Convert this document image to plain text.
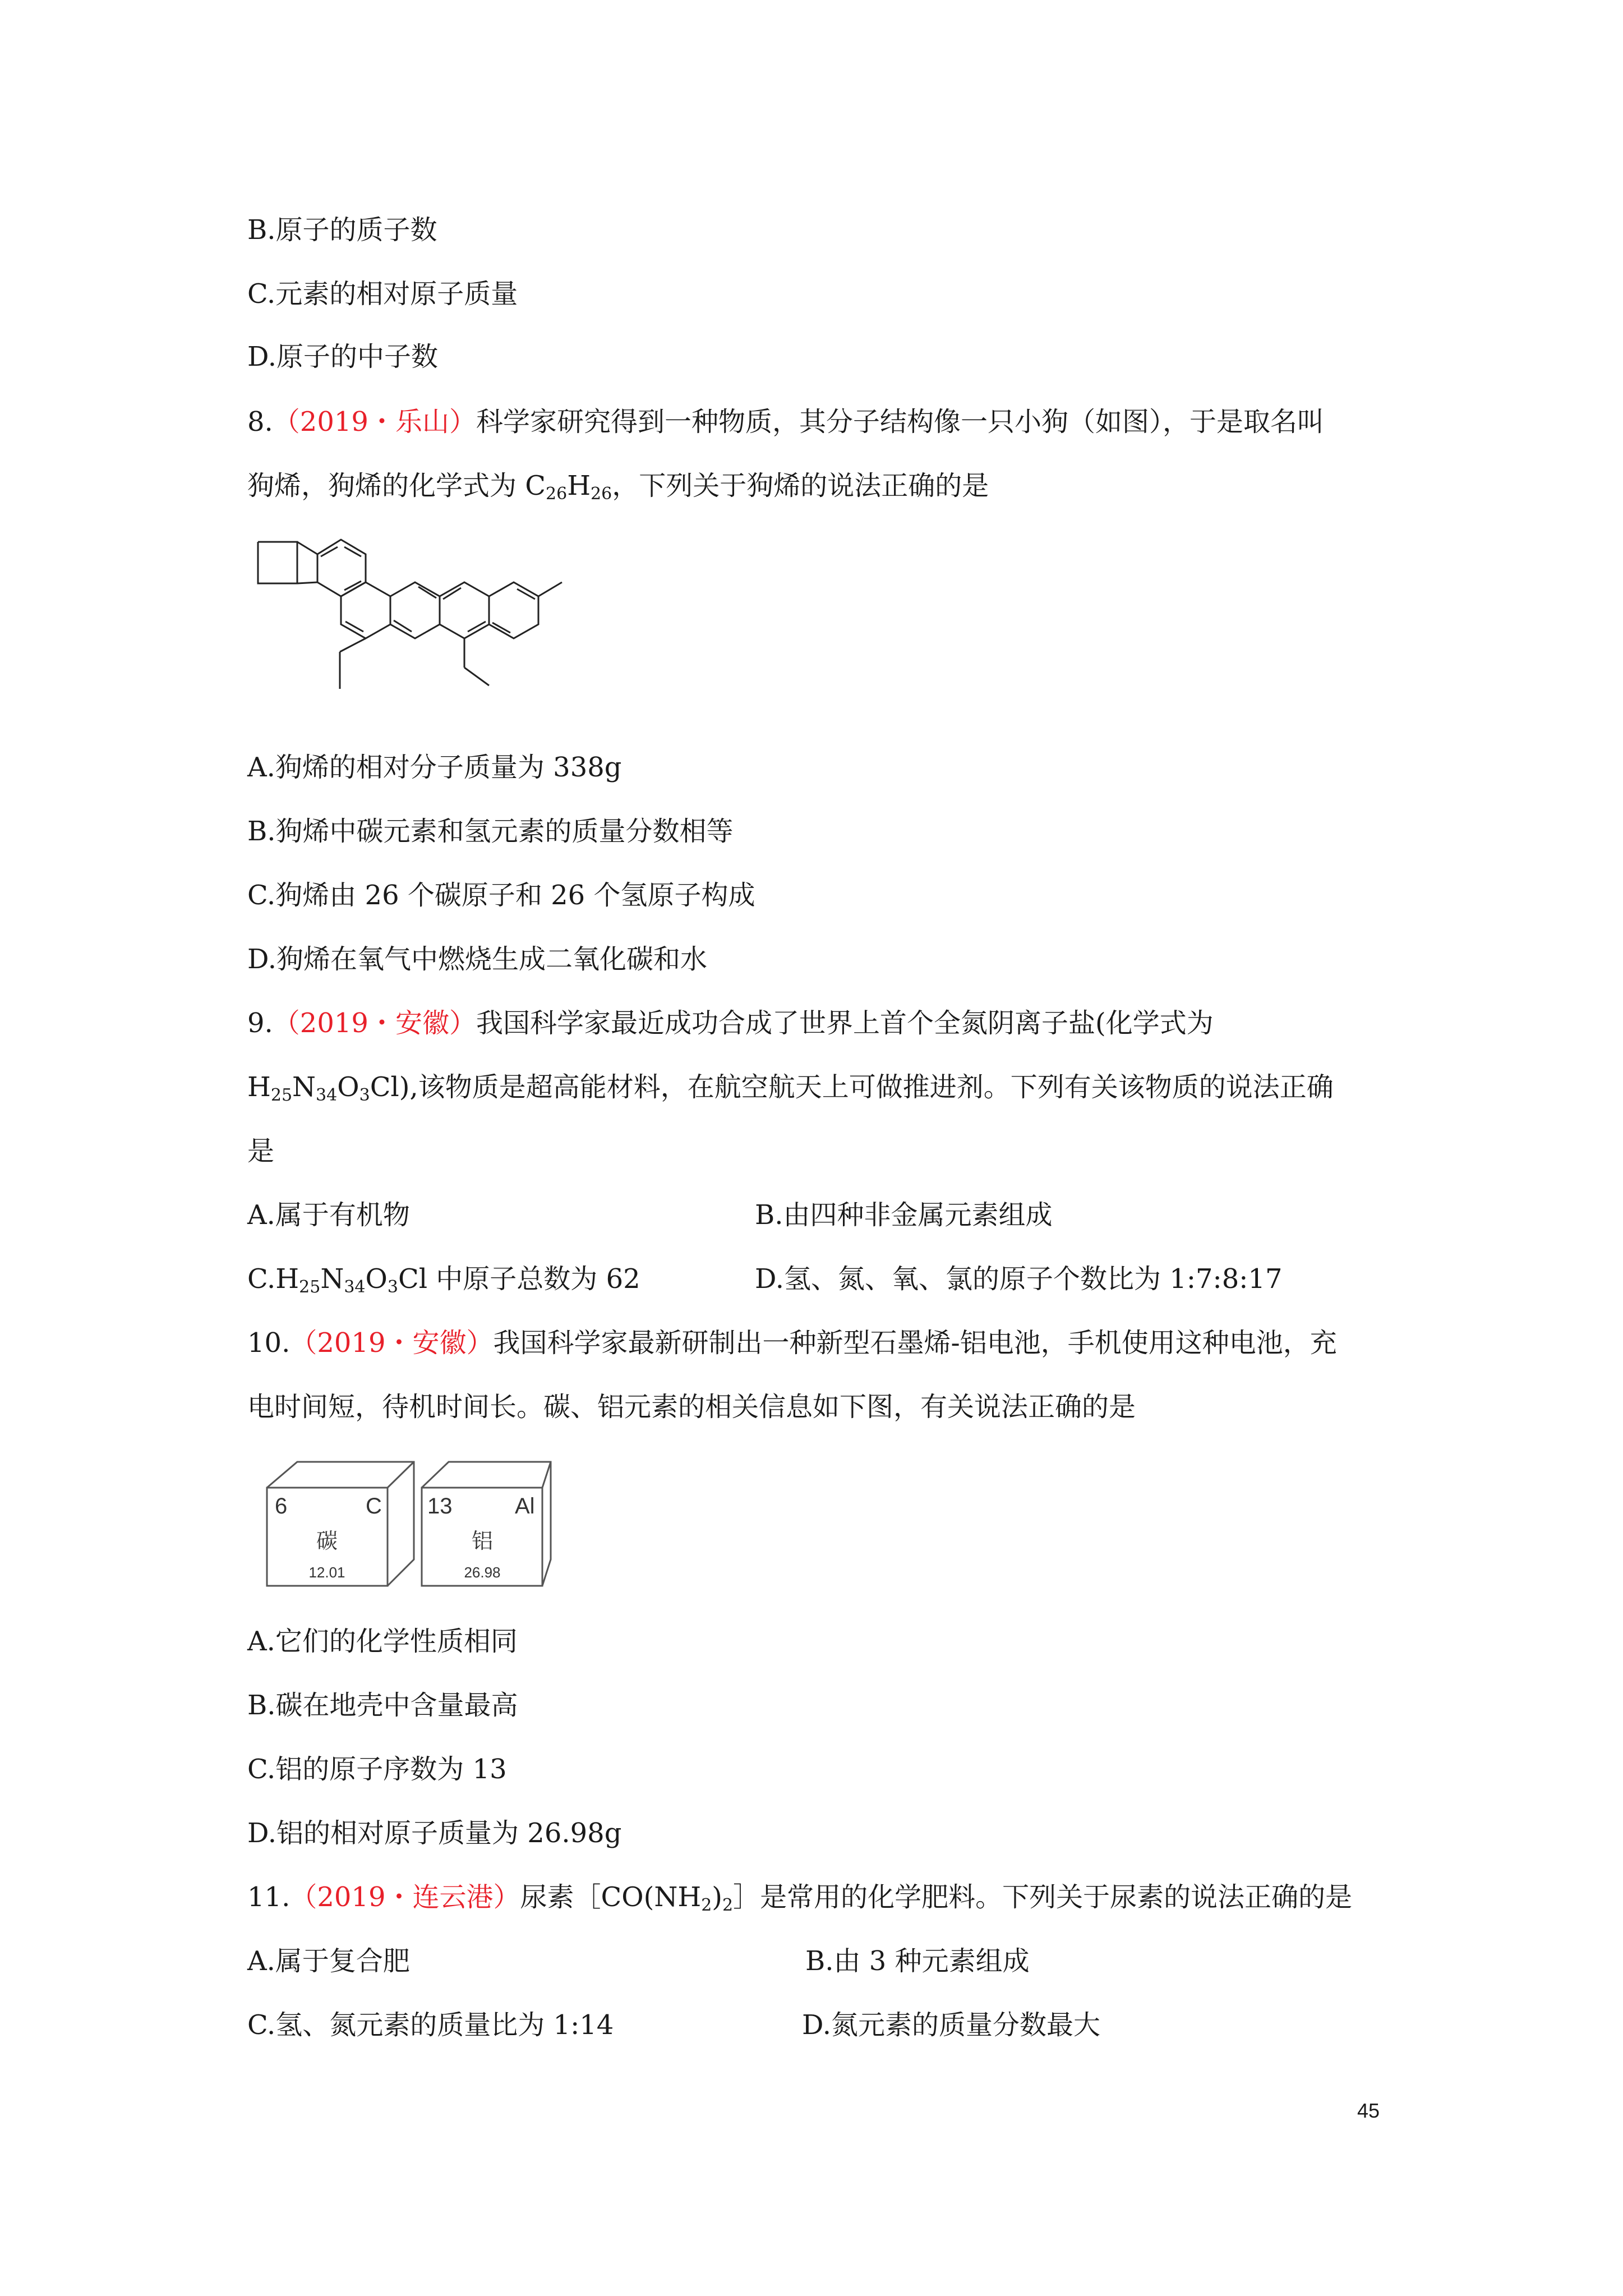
B.原子的质子数
C.元素的相对原子质量
D.原子的中子数
8.（2019・乐山）科学家研究得到一种物质，其分子结构像一只小狗（如图），于是取名叫
狗烯，狗烯的化学式为 $C_{26}H_{26}$，下列关于狗烯的说法正确的是
A.狗烯的相对分子质量为 338g
B.狗烯中碳元素和氢元素的质量分数相等
C.狗烯由 26 个碳原子和 26 个氢原子构成
D.狗烯在氧气中燃烧生成二氧化碳和水
9.（2019・安徽）我国科学家最近成功合成了世界上首个全氮阴离子盐(化学式为
$H_{25}N_{34}O_3Cl$),该物质是超高能材料，在航空航天上可做推进剂。下列有关该物质的说法正确
是
A.属于有机物	B.由四种非金属元素组成
$C.H_{25}N_{34}O_3Cl$ 中原子总数为 62	D.氢、氮、氧、氯的原子个数比为 1:7:8:17
10.（2019・安徽）我国科学家最新研制出一种新型石墨烯-铝电池，手机使用这种电池，充
电时间短，待机时间长。碳、铝元素的相关信息如下图，有关说法正确的是
6	C
碳
12.01
13	Al
铝
26.98
A.它们的化学性质相同
B.碳在地壳中含量最高
C.铝的原子序数为 13
D.铝的相对原子质量为 26.98g
11.（2019・连云港）尿素$[CO(NH_2)_2]$是常用的化学肥料。下列关于尿素的说法正确的是
A.属于复合肥	B.由 3 种元素组成
C.氢、氮元素的质量比为 1:14	D.氮元素的质量分数最大
45
